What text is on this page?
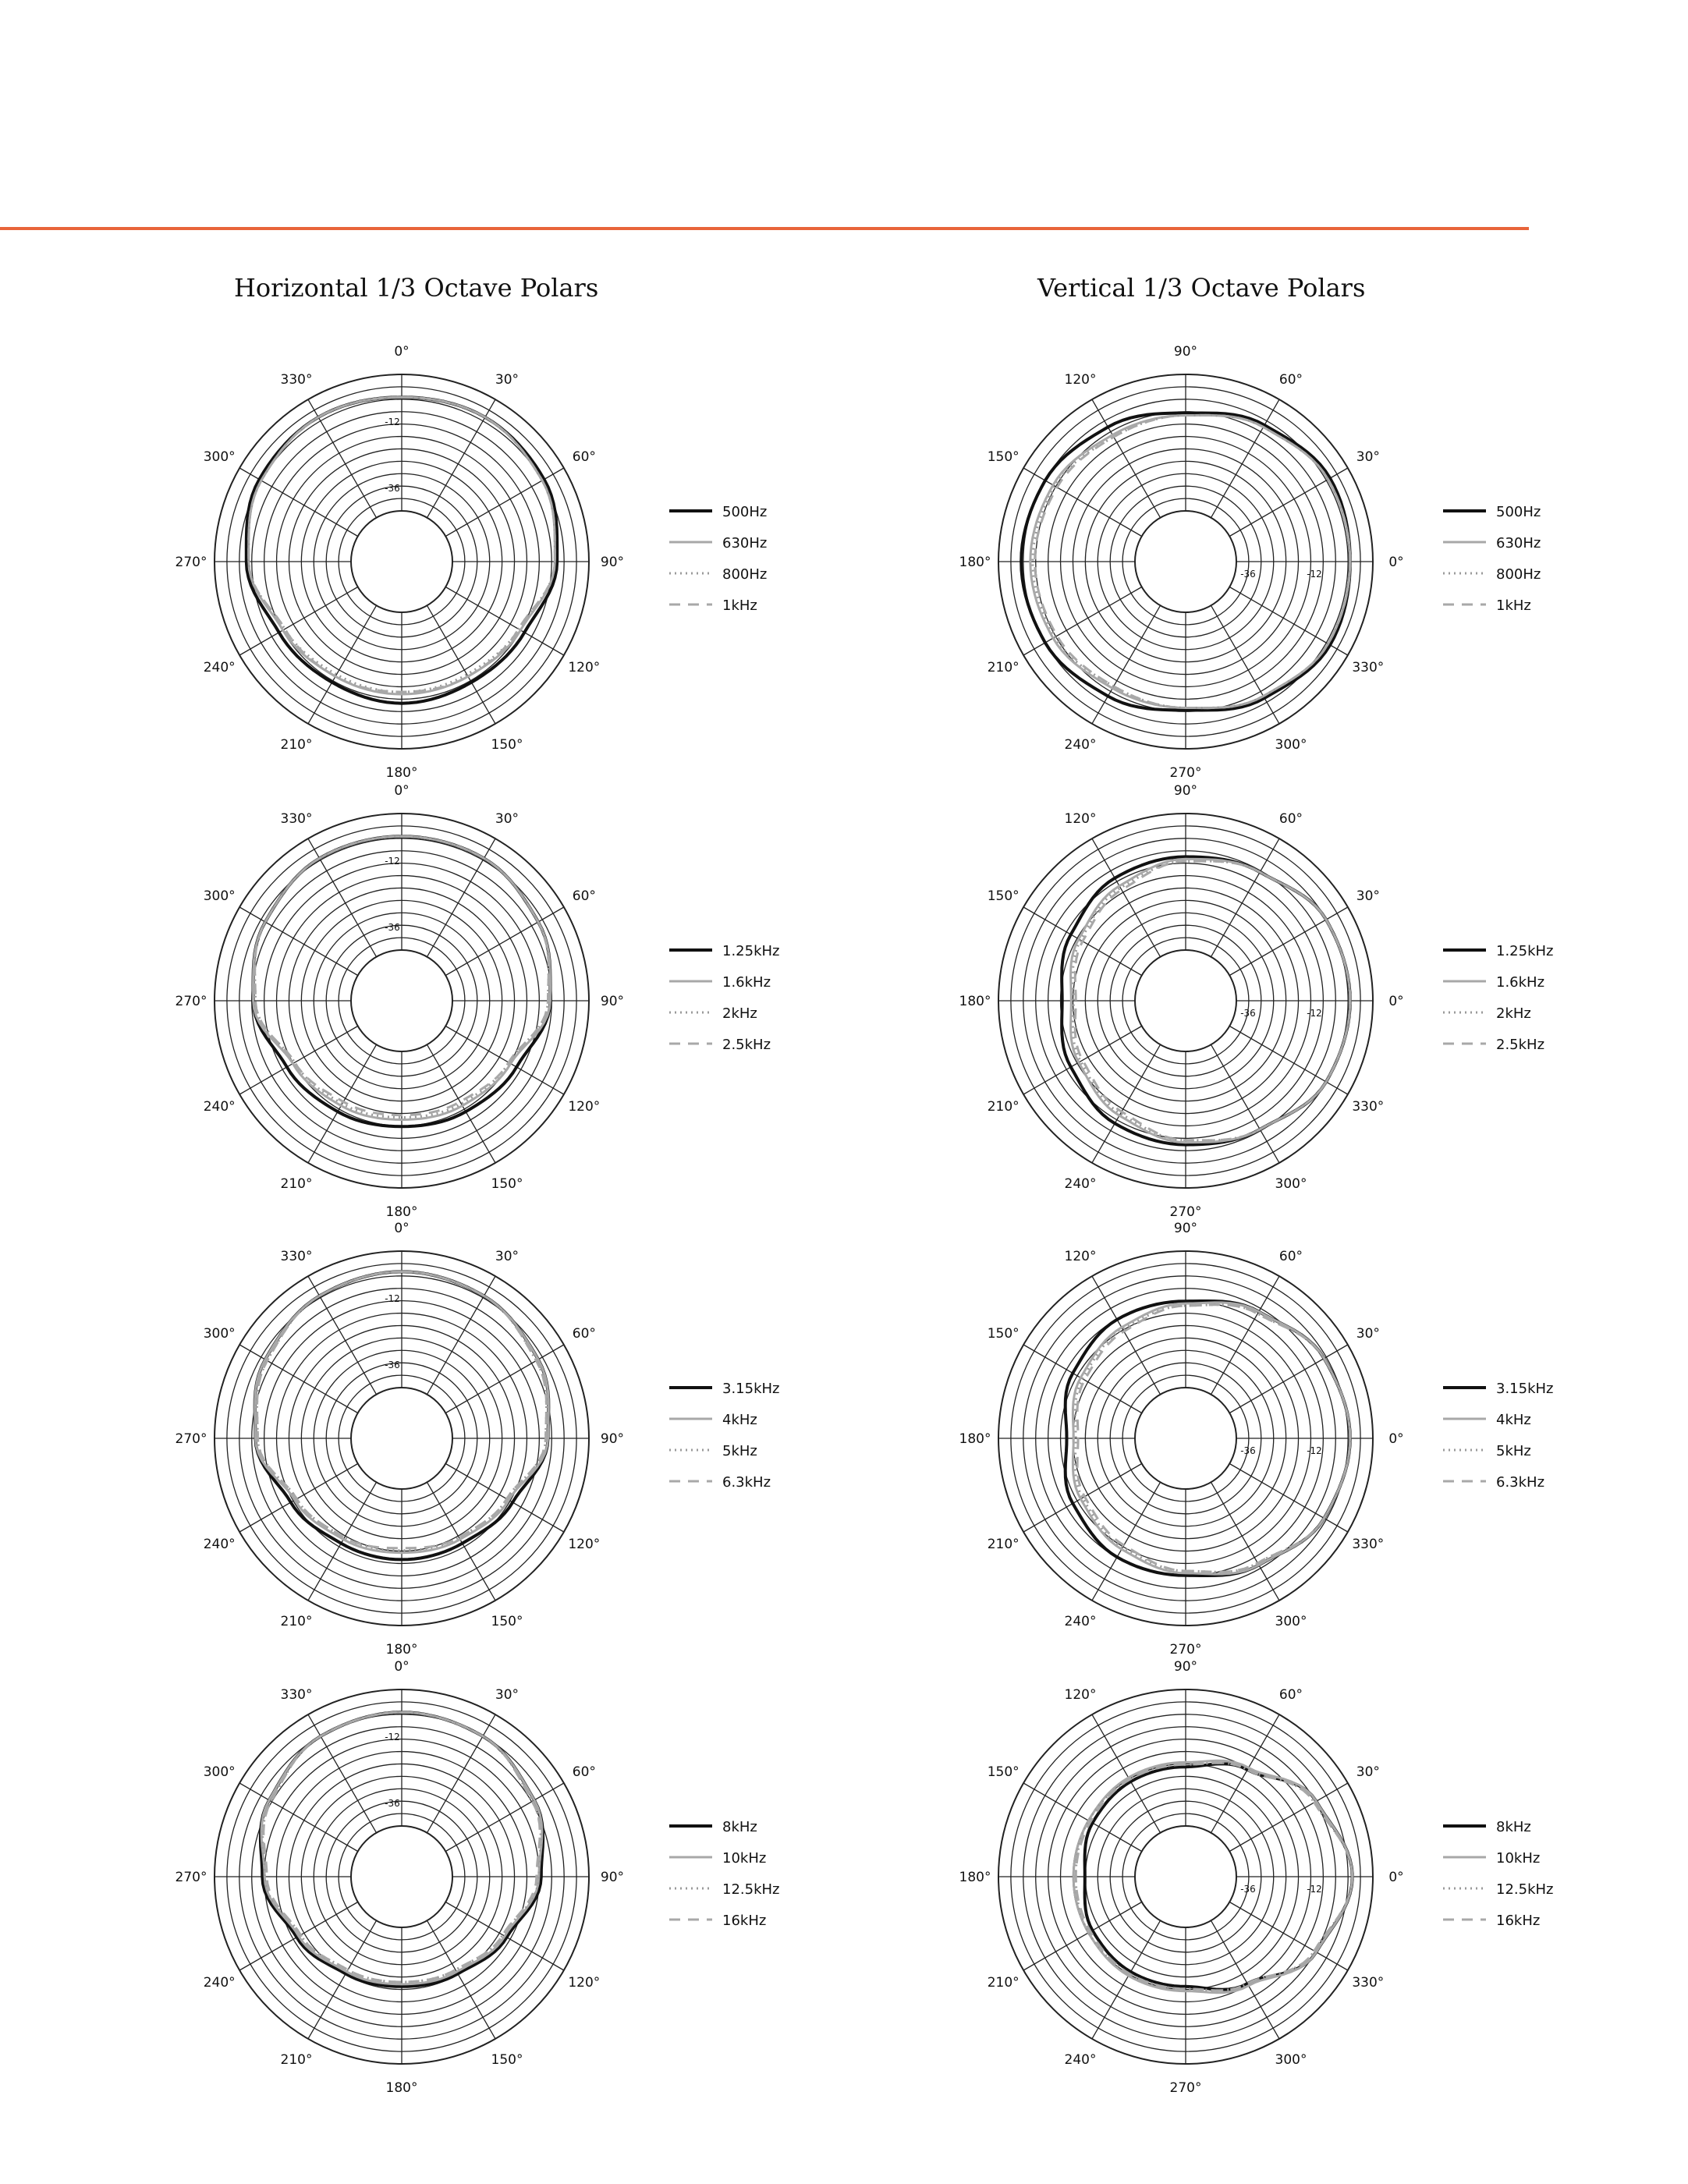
Horizontal 1/3 Octave Polars	Vertical 1/3 Octave Polars
0°
30°
60°
90°
120°
150°
180°
210°
240°
270°
300°
330°
-12
-36
500Hz
630Hz
800Hz
1kHz
0°
30°
60°
90°
120°
150°
180°
210°
240°
270°
300°
330°
-12
-36
500Hz
630Hz
800Hz
1kHz
0°
30°
60°
90°
120°
150°
180°
210°
240°
270°
300°
330°
-12
-36
1.25kHz
1.6kHz
2kHz
2.5kHz
0°
30°
60°
90°
120°
150°
180°
210°
240°
270°
300°
330°
-12
-36
1.25kHz
1.6kHz
2kHz
2.5kHz
0°
30°
60°
90°
120°
150°
180°
210°
240°
270°
300°
330°
-12
-36
3.15kHz
4kHz
5kHz
6.3kHz
0°
30°
60°
90°
120°
150°
180°
210°
240°
270°
300°
330°
-12
-36
3.15kHz
4kHz
5kHz
6.3kHz
0°
30°
60°
90°
120°
150°
180°
210°
240°
270°
300°
330°
-12
-36
8kHz
10kHz
12.5kHz
16kHz
0°
30°
60°
90°
120°
150°
180°
210°
240°
270°
300°
330°
-12
-36
8kHz
10kHz
12.5kHz
16kHz
